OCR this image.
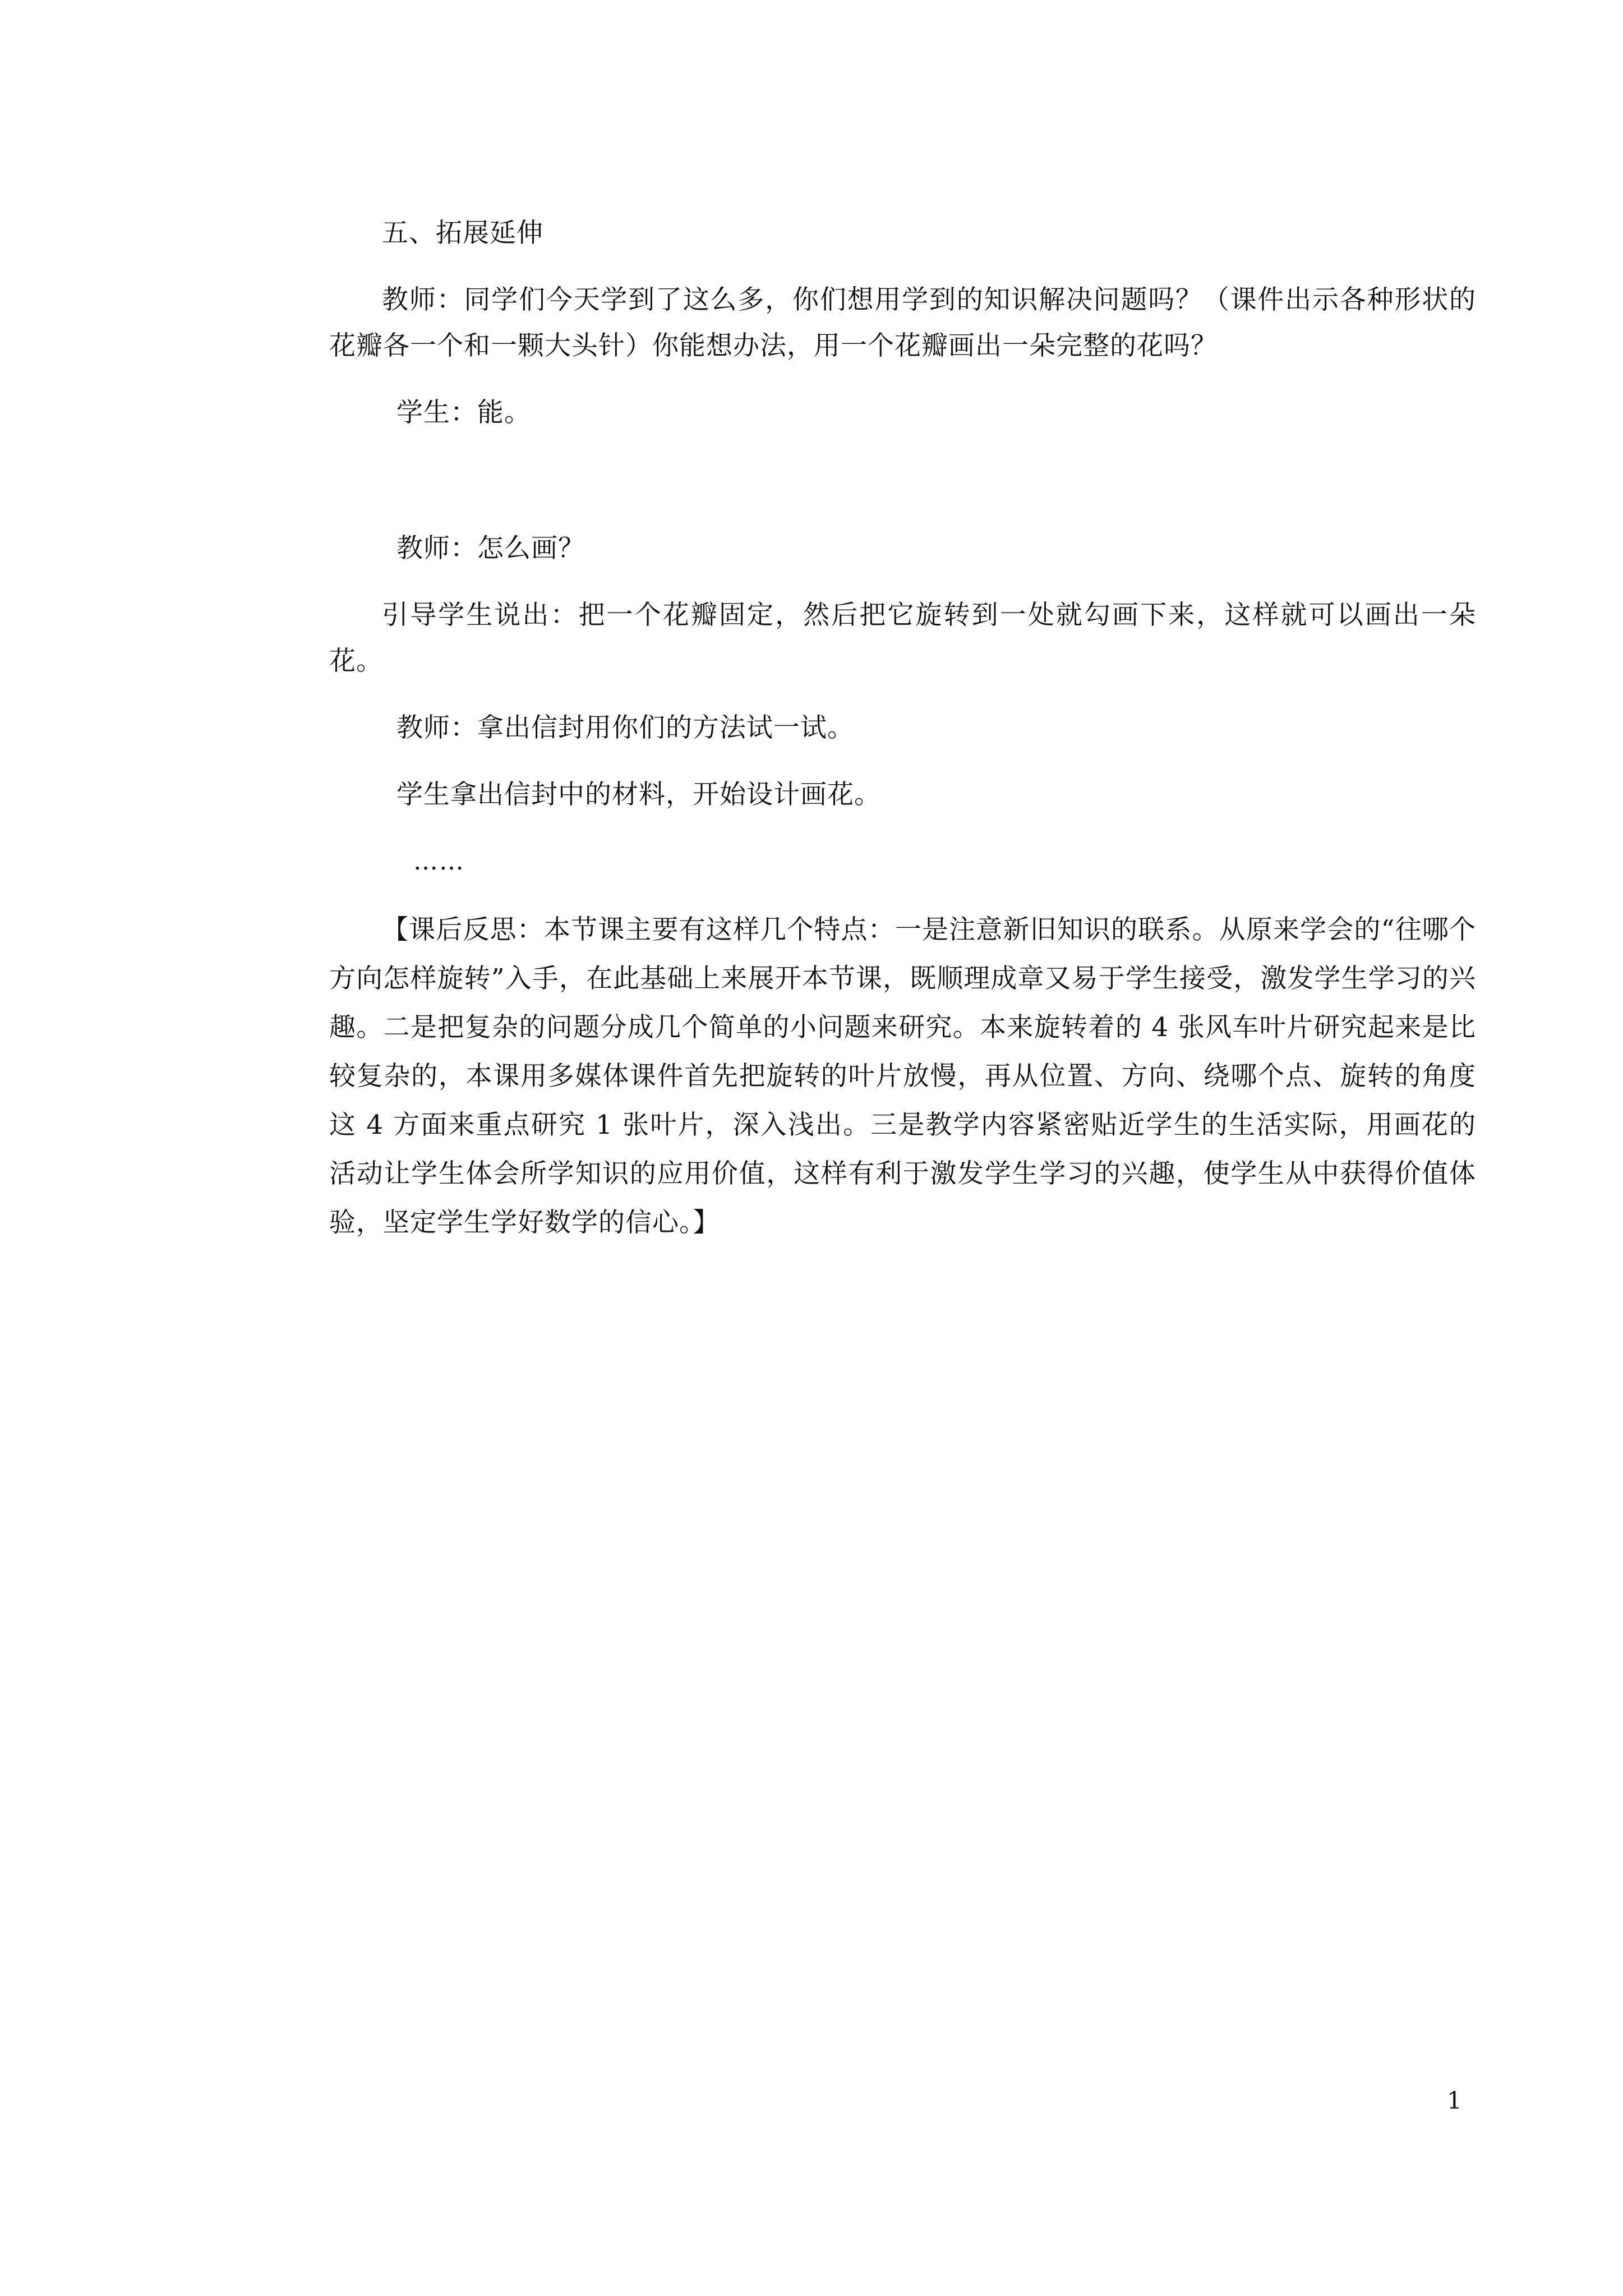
五、拓展延伸
教师：同学们今天学到了这么多，你们想用学到的知识解决问题吗？（课件出示各种形状的花瓣各一个和一颗大头针）你能想办法，用一个花瓣画出一朵完整的花吗？
学生：能。
教师：怎么画？
引导学生说出：把一个花瓣固定，然后把它旋转到一处就勾画下来，这样就可以画出一朵花。
教师：拿出信封用你们的方法试一试。
学生拿出信封中的材料，开始设计画花。
……
【课后反思：本节课主要有这样几个特点：一是注意新旧知识的联系。从原来学会的“往哪个方向怎样旋转”入手，在此基础上来展开本节课，既顺理成章又易于学生接受，激发学生学习的兴趣。二是把复杂的问题分成几个简单的小问题来研究。本来旋转着的 4 张风车叶片研究起来是比较复杂的，本课用多媒体课件首先把旋转的叶片放慢，再从位置、方向、绕哪个点、旋转的角度这 4 方面来重点研究 1 张叶片，深入浅出。三是教学内容紧密贴近学生的生活实际，用画花的活动让学生体会所学知识的应用价值，这样有利于激发学生学习的兴趣，使学生从中获得价值体验，坚定学生学好数学的信心。】
1
